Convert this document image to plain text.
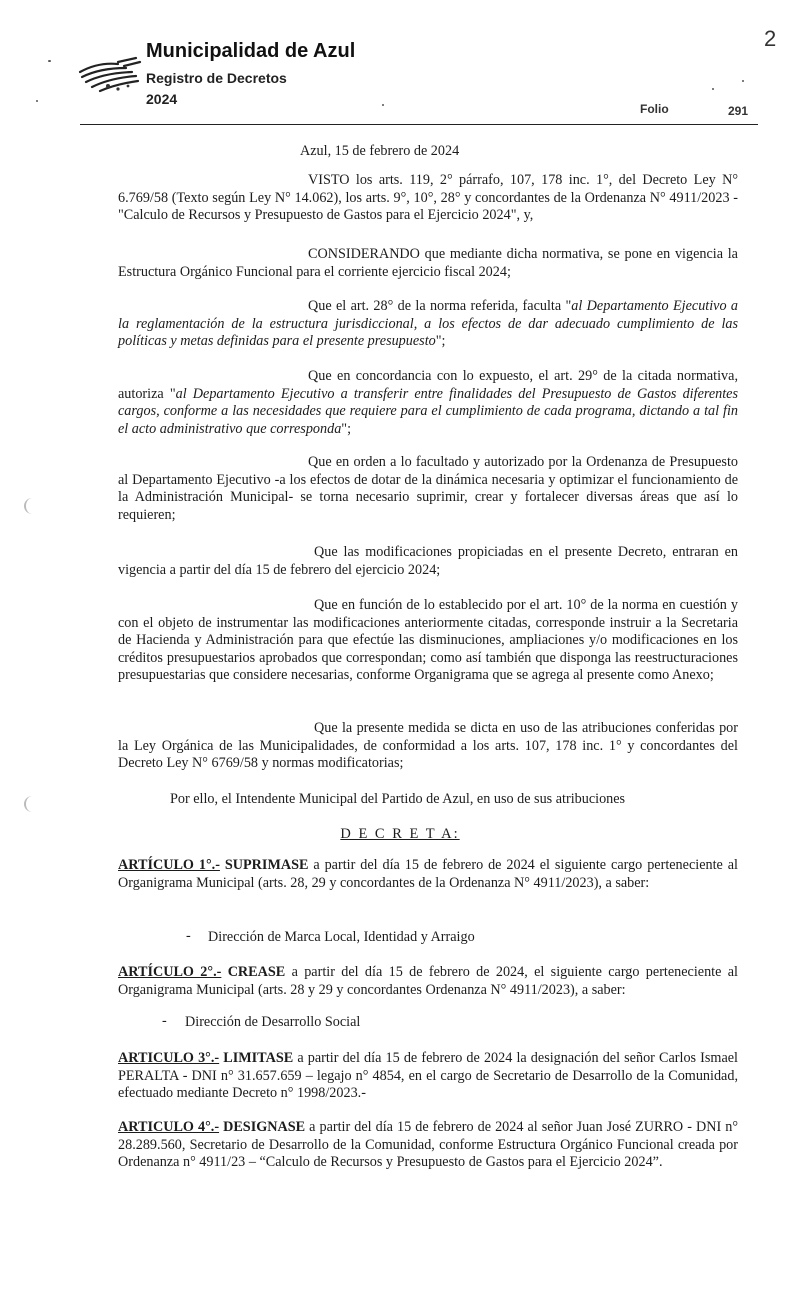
2
Municipalidad de Azul
Registro de Decretos
2024
Folio	291
Azul, 15 de febrero de 2024
VISTO los arts. 119, 2° párrafo, 107, 178 inc. 1°, del Decreto Ley N° 6.769/58 (Texto según Ley N° 14.062), los arts. 9°, 10°, 28° y concordantes de la Ordenanza N° 4911/2023 - "Calculo de Recursos y Presupuesto de Gastos para el Ejercicio 2024", y,
CONSIDERANDO que mediante dicha normativa, se pone en vigencia la Estructura Orgánico Funcional para el corriente ejercicio fiscal 2024;
Que el art. 28° de la norma referida, faculta "al Departamento Ejecutivo a la reglamentación de la estructura jurisdiccional, a los efectos de dar adecuado cumplimiento de las políticas y metas definidas para el presente presupuesto";
Que en concordancia con lo expuesto, el art. 29° de la citada normativa, autoriza "al Departamento Ejecutivo a transferir entre finalidades del Presupuesto de Gastos diferentes cargos, conforme a las necesidades que requiere para el cumplimiento de cada programa, dictando a tal fin el acto administrativo que corresponda";
Que en orden a lo facultado y autorizado por la Ordenanza de Presupuesto al Departamento Ejecutivo -a los efectos de dotar de la dinámica necesaria y optimizar el funcionamiento de la Administración Municipal- se torna necesario suprimir, crear y fortalecer diversas áreas que así lo requieren;
Que las modificaciones propiciadas en el presente Decreto, entraran en vigencia a partir del día 15 de febrero del ejercicio 2024;
Que en función de lo establecido por el art. 10° de la norma en cuestión y con el objeto de instrumentar las modificaciones anteriormente citadas, corresponde instruir a la Secretaria de Hacienda y Administración para que efectúe las disminuciones, ampliaciones y/o modificaciones en los créditos presupuestarios aprobados que correspondan; como así también que disponga las reestructuraciones presupuestarias que considere necesarias, conforme Organigrama que se agrega al presente como Anexo;
Que la presente medida se dicta en uso de las atribuciones conferidas por la Ley Orgánica de las Municipalidades, de conformidad a los arts. 107, 178 inc. 1° y concordantes del Decreto Ley N° 6769/58 y normas modificatorias;
Por ello, el Intendente Municipal del Partido de Azul, en uso de sus atribuciones
D E C R E T A:
ARTÍCULO 1°.- SUPRIMASE a partir del día 15 de febrero de 2024 el siguiente cargo perteneciente al Organigrama Municipal (arts. 28, 29 y concordantes de la Ordenanza N° 4911/2023), a saber:
- Dirección de Marca Local, Identidad y Arraigo
ARTÍCULO 2°.- CREASE a partir del día 15 de febrero de 2024, el siguiente cargo perteneciente al Organigrama Municipal (arts. 28 y 29 y concordantes Ordenanza N° 4911/2023), a saber:
- Dirección de Desarrollo Social
ARTICULO 3°.- LIMITASE a partir del día 15 de febrero de 2024 la designación del señor Carlos Ismael PERALTA - DNI n° 31.657.659 – legajo n° 4854, en el cargo de Secretario de Desarrollo de la Comunidad, efectuado mediante Decreto n° 1998/2023.-
ARTICULO 4°.- DESIGNASE a partir del día 15 de febrero de 2024 al señor Juan José ZURRO - DNI n° 28.289.560, Secretario de Desarrollo de la Comunidad, conforme Estructura Orgánico Funcional creada por Ordenanza n° 4911/23 – “Calculo de Recursos y Presupuesto de Gastos para el Ejercicio 2024”.
